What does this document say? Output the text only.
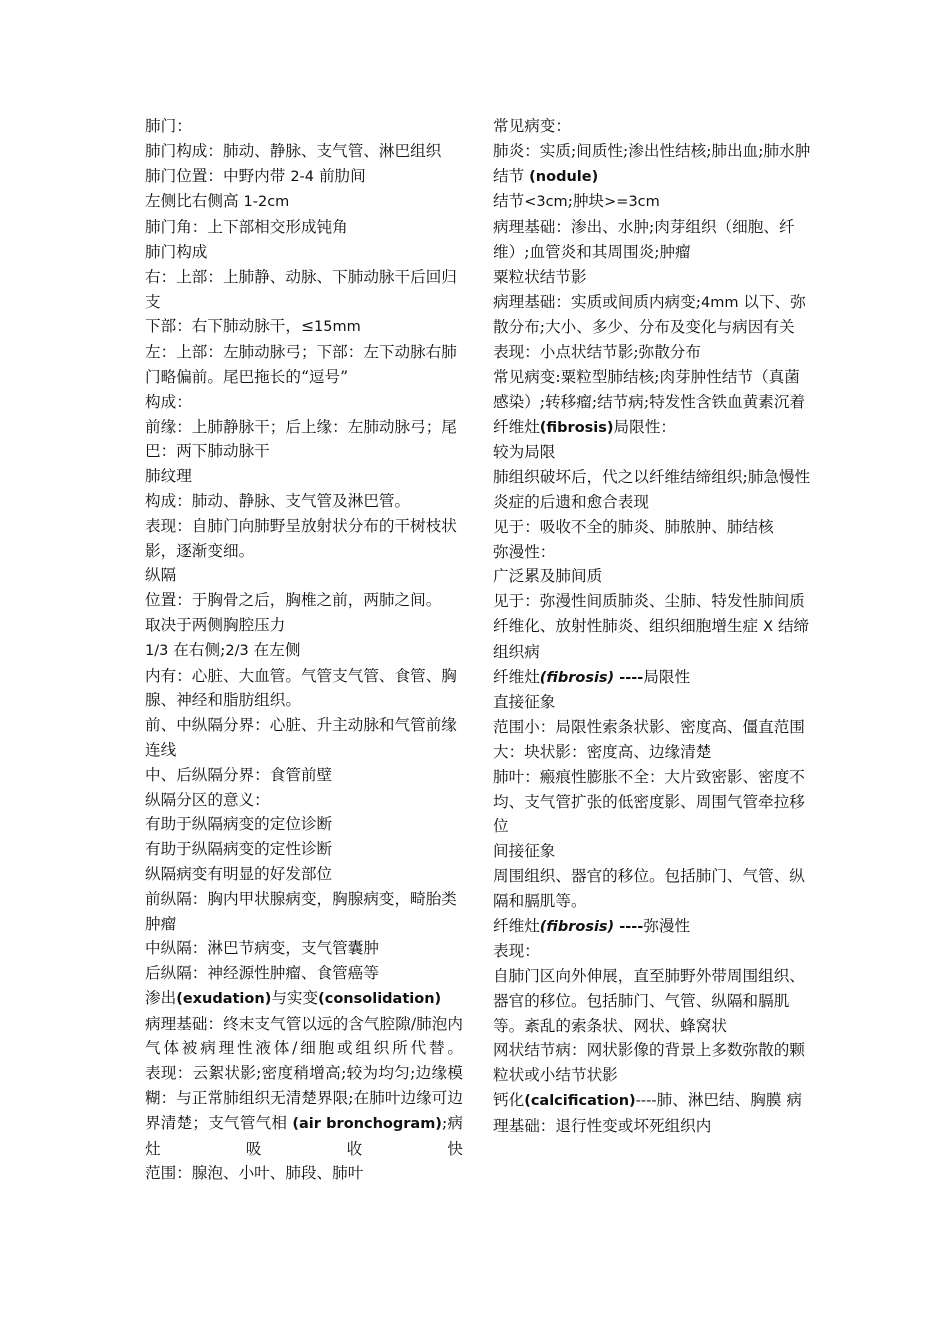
肺门：
肺门构成：肺动、静脉、支气管、淋巴组织
肺门位置：中野内带 2-4 前肋间
左侧比右侧高 1-2cm
肺门角：上下部相交形成钝角
肺门构成
右：上部：上肺静、动脉、下肺动脉干后回归支
下部：右下肺动脉干，≤15mm
左：上部：左肺动脉弓；下部：左下动脉右肺门略偏前。尾巴拖长的“逗号”
构成：
前缘：上肺静脉干；后上缘：左肺动脉弓；尾巴：两下肺动脉干
肺纹理
构成：肺动、静脉、支气管及淋巴管。
表现：自肺门向肺野呈放射状分布的干树枝状影，逐渐变细。
纵隔
位置：于胸骨之后，胸椎之前，两肺之间。
取决于两侧胸腔压力
1/3 在右侧;2/3 在左侧
内有：心脏、大血管。气管支气管、食管、胸腺、神经和脂肪组织。
前、中纵隔分界：心脏、升主动脉和气管前缘连线
中、后纵隔分界：食管前壁
纵隔分区的意义：
有助于纵隔病变的定位诊断
有助于纵隔病变的定性诊断
纵隔病变有明显的好发部位
前纵隔：胸内甲状腺病变，胸腺病变，畸胎类肿瘤
中纵隔：淋巴节病变，支气管囊肿
后纵隔：神经源性肿瘤、食管癌等
渗出(exudation)与实变(consolidation)
病理基础：终末支气管以远的含气腔隙/肺泡内气体被病理性液体/细胞或组织所代替。
表现：云絮状影;密度稍增高;较为均匀;边缘模糊：与正常肺组织无清楚界限;在肺叶边缘可边界清楚；支气管气相 (air bronchogram);病灶吸收快
范围：腺泡、小叶、肺段、肺叶
常见病变：
肺炎：实质;间质性;渗出性结核;肺出血;肺水肿
结节 (nodule)
结节<3cm;肿块>=3cm
病理基础：渗出、水肿;肉芽组织（细胞、纤维）;血管炎和其周围炎;肿瘤
粟粒状结节影
病理基础：实质或间质内病变;4mm 以下、弥散分布;大小、多少、分布及变化与病因有关
表现：小点状结节影;弥散分布
常见病变:粟粒型肺结核;肉芽肿性结节（真菌感染）;转移瘤;结节病;特发性含铁血黄素沉着
纤维灶(fibrosis)局限性：
较为局限
肺组织破坏后，代之以纤维结缔组织;肺急慢性炎症的后遗和愈合表现
见于：吸收不全的肺炎、肺脓肿、肺结核
弥漫性：
广泛累及肺间质
见于：弥漫性间质肺炎、尘肺、特发性肺间质纤维化、放射性肺炎、组织细胞增生症 X 结缔组织病
纤维灶(fibrosis) ----局限性
直接征象
范围小：局限性索条状影、密度高、僵直范围大：块状影：密度高、边缘清楚
肺叶：瘢痕性膨胀不全：大片致密影、密度不均、支气管扩张的低密度影、周围气管牵拉移位
间接征象
周围组织、器官的移位。包括肺门、气管、纵隔和膈肌等。
纤维灶(fibrosis) ----弥漫性
表现：
自肺门区向外伸展，直至肺野外带周围组织、器官的移位。包括肺门、气管、纵隔和膈肌等。紊乱的索条状、网状、蜂窝状
网状结节病：网状影像的背景上多数弥散的颗粒状或小结节状影
钙化(calcification)----肺、淋巴结、胸膜 病理基础：退行性变或坏死组织内
